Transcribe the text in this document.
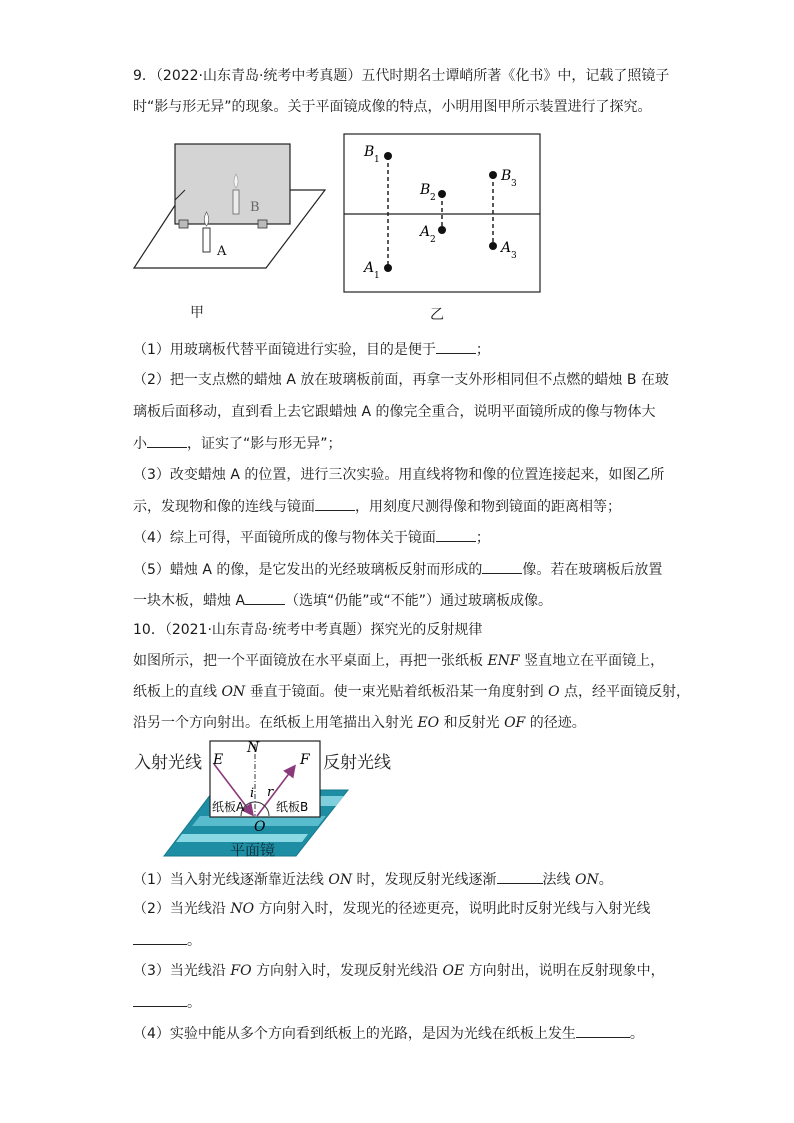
9．（2022·山东青岛·统考中考真题）五代时期名士谭峭所著《化书》中，记载了照镜子
时“影与形无异”的现象。关于平面镜成像的特点，小明用图甲所示装置进行了探究。
B
A
甲
B 1
B 2
B 3
A 2	A 3
A 1
乙
（1）用玻璃板代替平面镜进行实验，目的是便于	；
（2）把一支点燃的蜡烛 A 放在玻璃板前面，再拿一支外形相同但不点燃的蜡烛 B 在玻
璃板后面移动，直到看上去它跟蜡烛 A 的像完全重合，说明平面镜所成的像与物体大
小	，证实了“影与形无异”；
（3）改变蜡烛 A 的位置，进行三次实验。用直线将物和像的位置连接起来，如图乙所
示，发现物和像的连线与镜面	，用刻度尺测得像和物到镜面的距离相等；
（4）综上可得，平面镜所成的像与物体关于镜面	；
（5）蜡烛 A 的像，是它发出的光经玻璃板反射而形成的	像。若在玻璃板后放置
一块木板，蜡烛 A	（选填“仍能”或“不能”）通过玻璃板成像。
10．（2021·山东青岛·统考中考真题）探究光的反射规律
如图所示，把一个平面镜放在水平桌面上，再把一张纸板 ENF 竖直地立在平面镜上，
纸板上的直线 ON 垂直于镜面。使一束光贴着纸板沿某一角度射到 O 点，经平面镜反射，
沿另一个方向射出。在纸板上用笔描出入射光 EO 和反射光 OF 的径迹。
E
N
F
i r
纸板A	纸板B
O
平面镜
入射光线	反射光线
（1）当入射光线逐渐靠近法线 ON 时，发现反射光线逐渐	法线 ON。
（2）当光线沿 NO 方向射入时，发现光的径迹更亮，说明此时反射光线与入射光线
。
（3）当光线沿 FO 方向射入时，发现反射光线沿 OE 方向射出，说明在反射现象中，
。
（4）实验中能从多个方向看到纸板上的光路，是因为光线在纸板上发生	。
